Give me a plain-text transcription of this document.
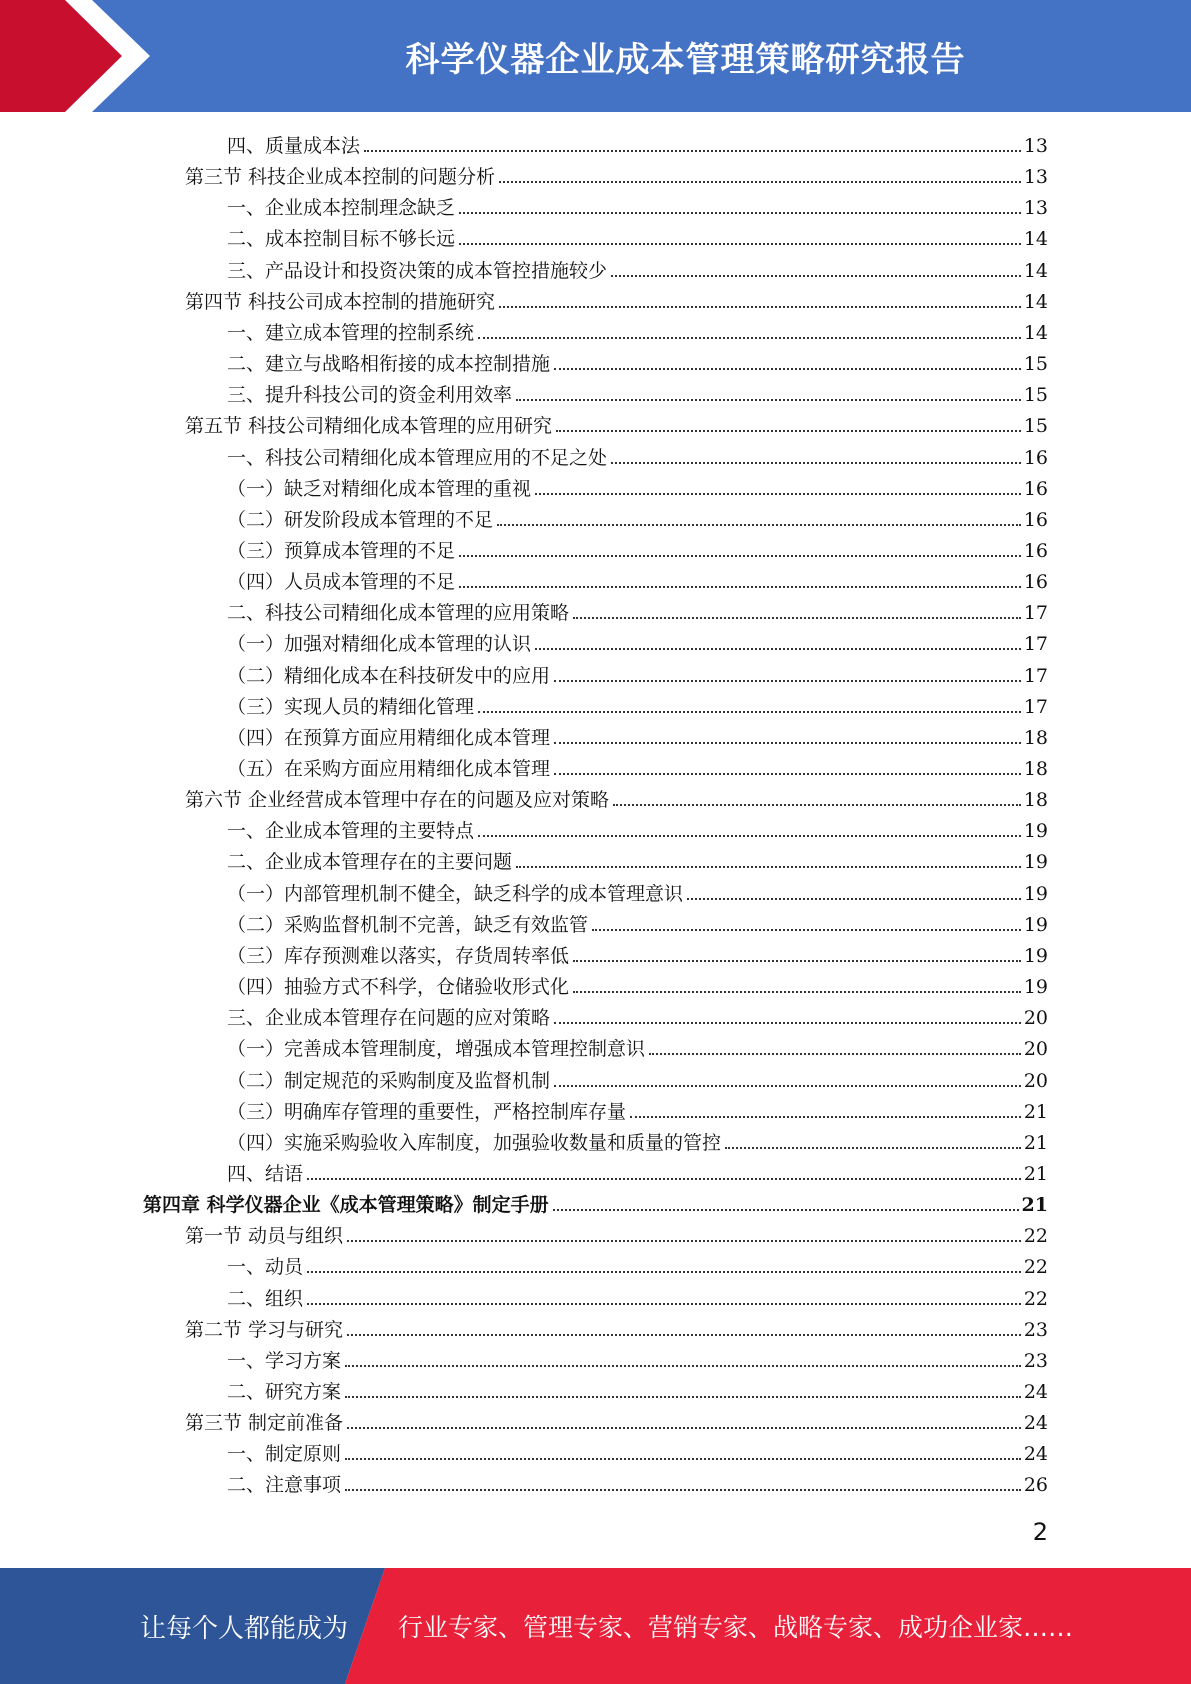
科学仪器企业成本管理策略研究报告
四、质量成本法	13
第三节 科技企业成本控制的问题分析	13
一、企业成本控制理念缺乏	13
二、成本控制目标不够长远	14
三、产品设计和投资决策的成本管控措施较少	14
第四节 科技公司成本控制的措施研究	14
一、建立成本管理的控制系统	14
二、建立与战略相衔接的成本控制措施	15
三、提升科技公司的资金利用效率	15
第五节 科技公司精细化成本管理的应用研究	15
一、科技公司精细化成本管理应用的不足之处	16
（一）缺乏对精细化成本管理的重视	16
（二）研发阶段成本管理的不足	16
（三）预算成本管理的不足	16
（四）人员成本管理的不足	16
二、科技公司精细化成本管理的应用策略	17
（一）加强对精细化成本管理的认识	17
（二）精细化成本在科技研发中的应用	17
（三）实现人员的精细化管理	17
（四）在预算方面应用精细化成本管理	18
（五）在采购方面应用精细化成本管理	18
第六节 企业经营成本管理中存在的问题及应对策略	18
一、企业成本管理的主要特点	19
二、企业成本管理存在的主要问题	19
（一）内部管理机制不健全，缺乏科学的成本管理意识	19
（二）采购监督机制不完善，缺乏有效监管	19
（三）库存预测难以落实，存货周转率低	19
（四）抽验方式不科学，仓储验收形式化	19
三、企业成本管理存在问题的应对策略	20
（一）完善成本管理制度，增强成本管理控制意识	20
（二）制定规范的采购制度及监督机制	20
（三）明确库存管理的重要性，严格控制库存量	21
（四）实施采购验收入库制度，加强验收数量和质量的管控	21
四、结语	21
第四章 科学仪器企业《成本管理策略》制定手册	21
第一节 动员与组织	22
一、动员	22
二、组织	22
第二节 学习与研究	23
一、学习方案	23
二、研究方案	24
第三节 制定前准备	24
一、制定原则	24
二、注意事项	26
2
让每个人都能成为 行业专家、管理专家、营销专家、战略专家、成功企业家……
